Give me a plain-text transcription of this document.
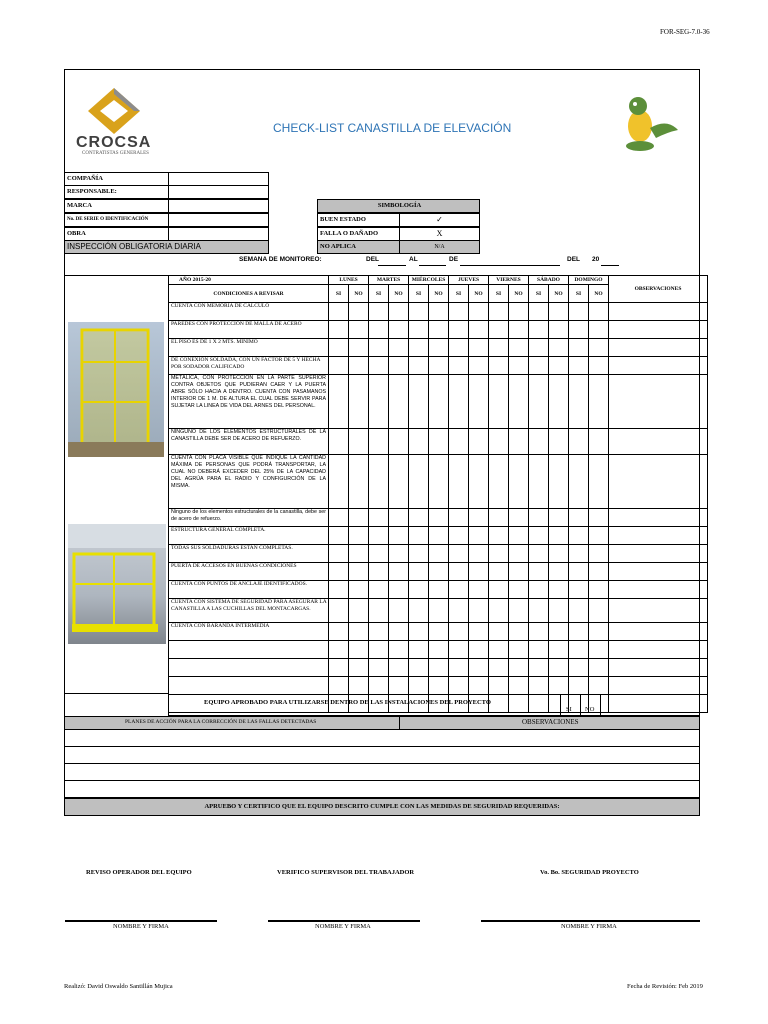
FOR-SEG-7.0-36
CROCSA
CONTRATISTAS GENERALES
CHECK-LIST CANASTILLA DE ELEVACIÓN
COMPAÑÍA
RESPONSABLE:
MARCA
No. DE SERIE O IDENTIFICACIÓN
OBRA
INSPECCIÓN OBLIGATORIA DIARIA
SIMBOLOGÍA
BUEN ESTADO	✓
FALLA O DAÑADO	X
NO APLICA	N/A
SEMANA DE MONITOREO:	DEL	AL	DE	DEL 20
AÑO 2015-20	LUNES		MARTES		MIÉRCOLES		JUEVES		VIERNES		SÁBADO		DOMINGO		OBSERVACIONES
CONDICIONES A REVISAR	SI	NO	SI	NO	SI	NO	SI	NO	SI	NO	SI	NO	SI	NO	
CUENTA CON MEMORIA DE CALCULO															
PAREDES CON PROTECCIÓN DE MALLA DE ACERO															
EL PISO ES DE 1 X 2 MTS. MINIMO															
DE CONEXIÓN SOLDADA, CON UN FACTOR DE 5 Y HECHA POR SODADOR CALIFICADO															
METÁLICA, CON PROTECCIÓN EN LA PARTE SUPERIOR CONTRA OBJETOS QUE PUDIERAN CAER Y LA PUERTA ABRE SÓLO HACIA A DENTRO. CUENTA CON PASAMANOS INTERIOR DE 1 M. DE ALTURA EL CUAL DEBE SERVIR PARA SUJETAR LA LINEA DE VIDA DEL ARNES DEL PERSONAL.															
NINGUNO DE LOS ELEMENTOS ESTRUCTURALES DE LA CANASTILLA DEBE SER DE ACERO DE REFUERZO.															
CUENTA CON PLACA VISIBLE QUE INDIQUE LA CANTIDAD MÁXIMA DE PERSONAS QUE PODRÁ TRANSPORTAR, LA CUAL NO DEBERÁ EXCEDER DEL 25% DE LA CAPACIDAD DEL AGRÚA PARA EL RADIO Y CONFIGURCIÓN DE LA MISMA.															
Ninguno de los elementos estructurales de la canastilla, debe ser de acero de refuerzo.															
ESTRUCTURA GENERAL COMPLETA.															
TODAS SUS SOLDADURAS ESTAN COMPLETAS.															
PUERTA DE ACCESOS EN BUENAS CONDICIONES															
CUENTA CON PUNTOS DE ANCLAJE IDENTIFICADOS.															
CUENTA CON SISTEMA DE SEGURIDAD PARA ASEGURAR LA CANASTILLA A LAS CUCHILLAS DEL MONTACARGAS.															
CUENTA CON BARANDA INTERMEDIA															

EQUIPO APROBADO PARA UTILIZARSE DENTRO DE LAS INSTALACIONES DEL PROYECTO
SI NO
PLANES DE ACCIÓN PARA LA CORRECCIÓN DE LAS FALLAS DETECTADAS	OBSERVACIONES
APRUEBO Y CERTIFICO QUE EL EQUIPO DESCRITO CUMPLE CON LAS MEDIDAS DE SEGURIDAD REQUERIDAS:
REVISO OPERADOR DEL EQUIPO	VERIFICO SUPERVISOR DEL TRABAJADOR	Vo. Bo. SEGURIDAD PROYECTO
NOMBRE Y FIRMA	NOMBRE Y FIRMA	NOMBRE Y FIRMA
Realizó: David Oswaldo Santillán Mujica	Fecha de Revisión: Feb 2019
